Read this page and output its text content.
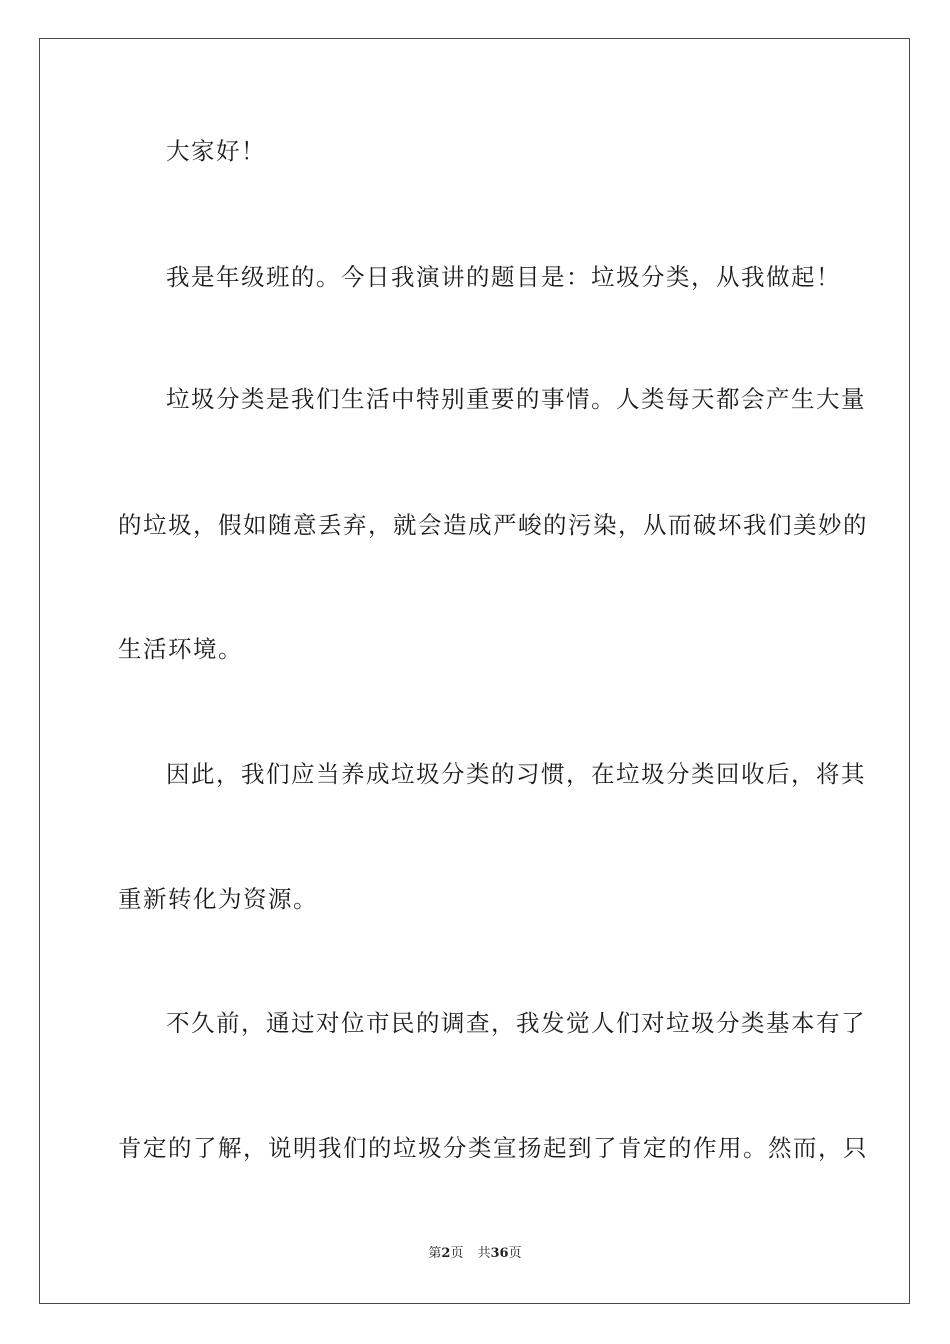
大家好！
我是年级班的。今日我演讲的题目是：垃圾分类，从我做起！
垃圾分类是我们生活中特别重要的事情。人类每天都会产生大量
的垃圾，假如随意丢弃，就会造成严峻的污染，从而破坏我们美妙的
生活环境。
因此，我们应当养成垃圾分类的习惯，在垃圾分类回收后，将其
重新转化为资源。
不久前，通过对位市民的调查，我发觉人们对垃圾分类基本有了
肯定的了解，说明我们的垃圾分类宣扬起到了肯定的作用。然而，只
第2页 共36页
